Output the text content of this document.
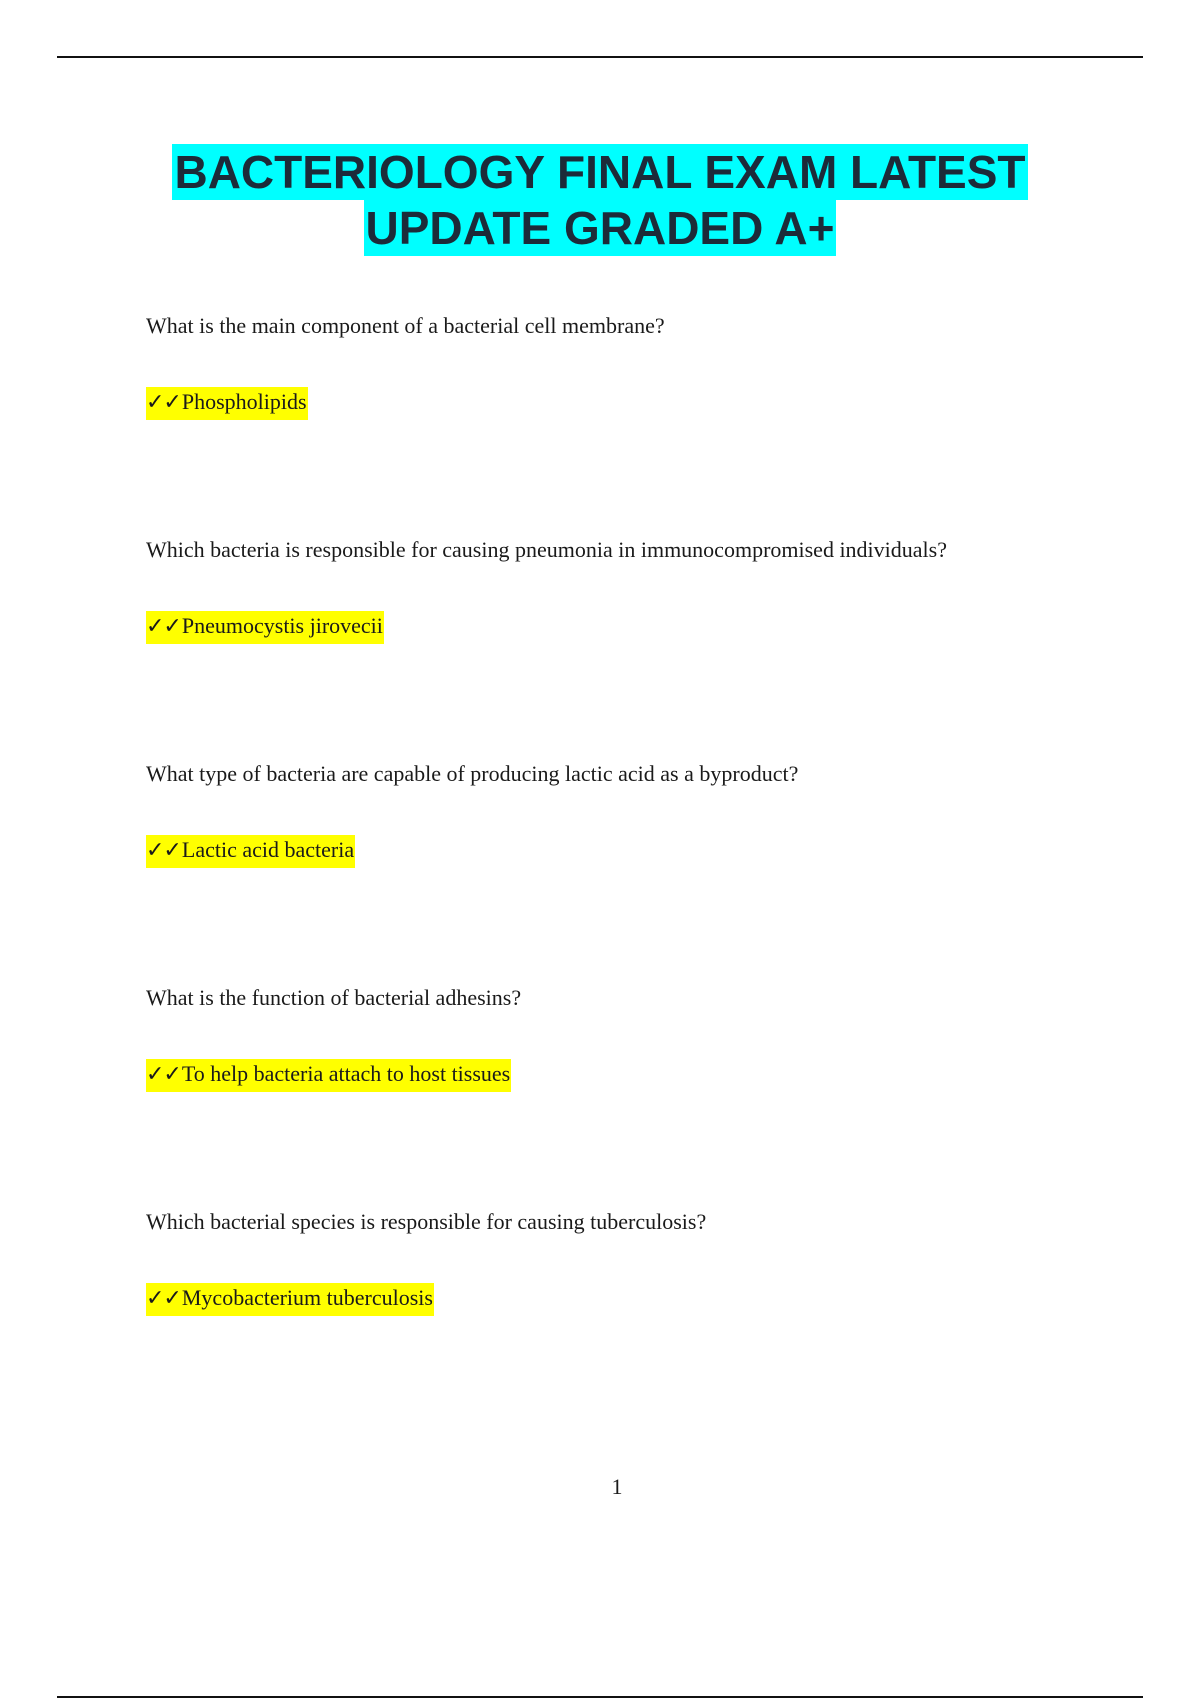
BACTERIOLOGY FINAL EXAM LATEST
UPDATE GRADED A+
What is the main component of a bacterial cell membrane?
✓✓Phospholipids
Which bacteria is responsible for causing pneumonia in immunocompromised individuals?
✓✓Pneumocystis jirovecii
What type of bacteria are capable of producing lactic acid as a byproduct?
✓✓Lactic acid bacteria
What is the function of bacterial adhesins?
✓✓To help bacteria attach to host tissues
Which bacterial species is responsible for causing tuberculosis?
✓✓Mycobacterium tuberculosis
1
